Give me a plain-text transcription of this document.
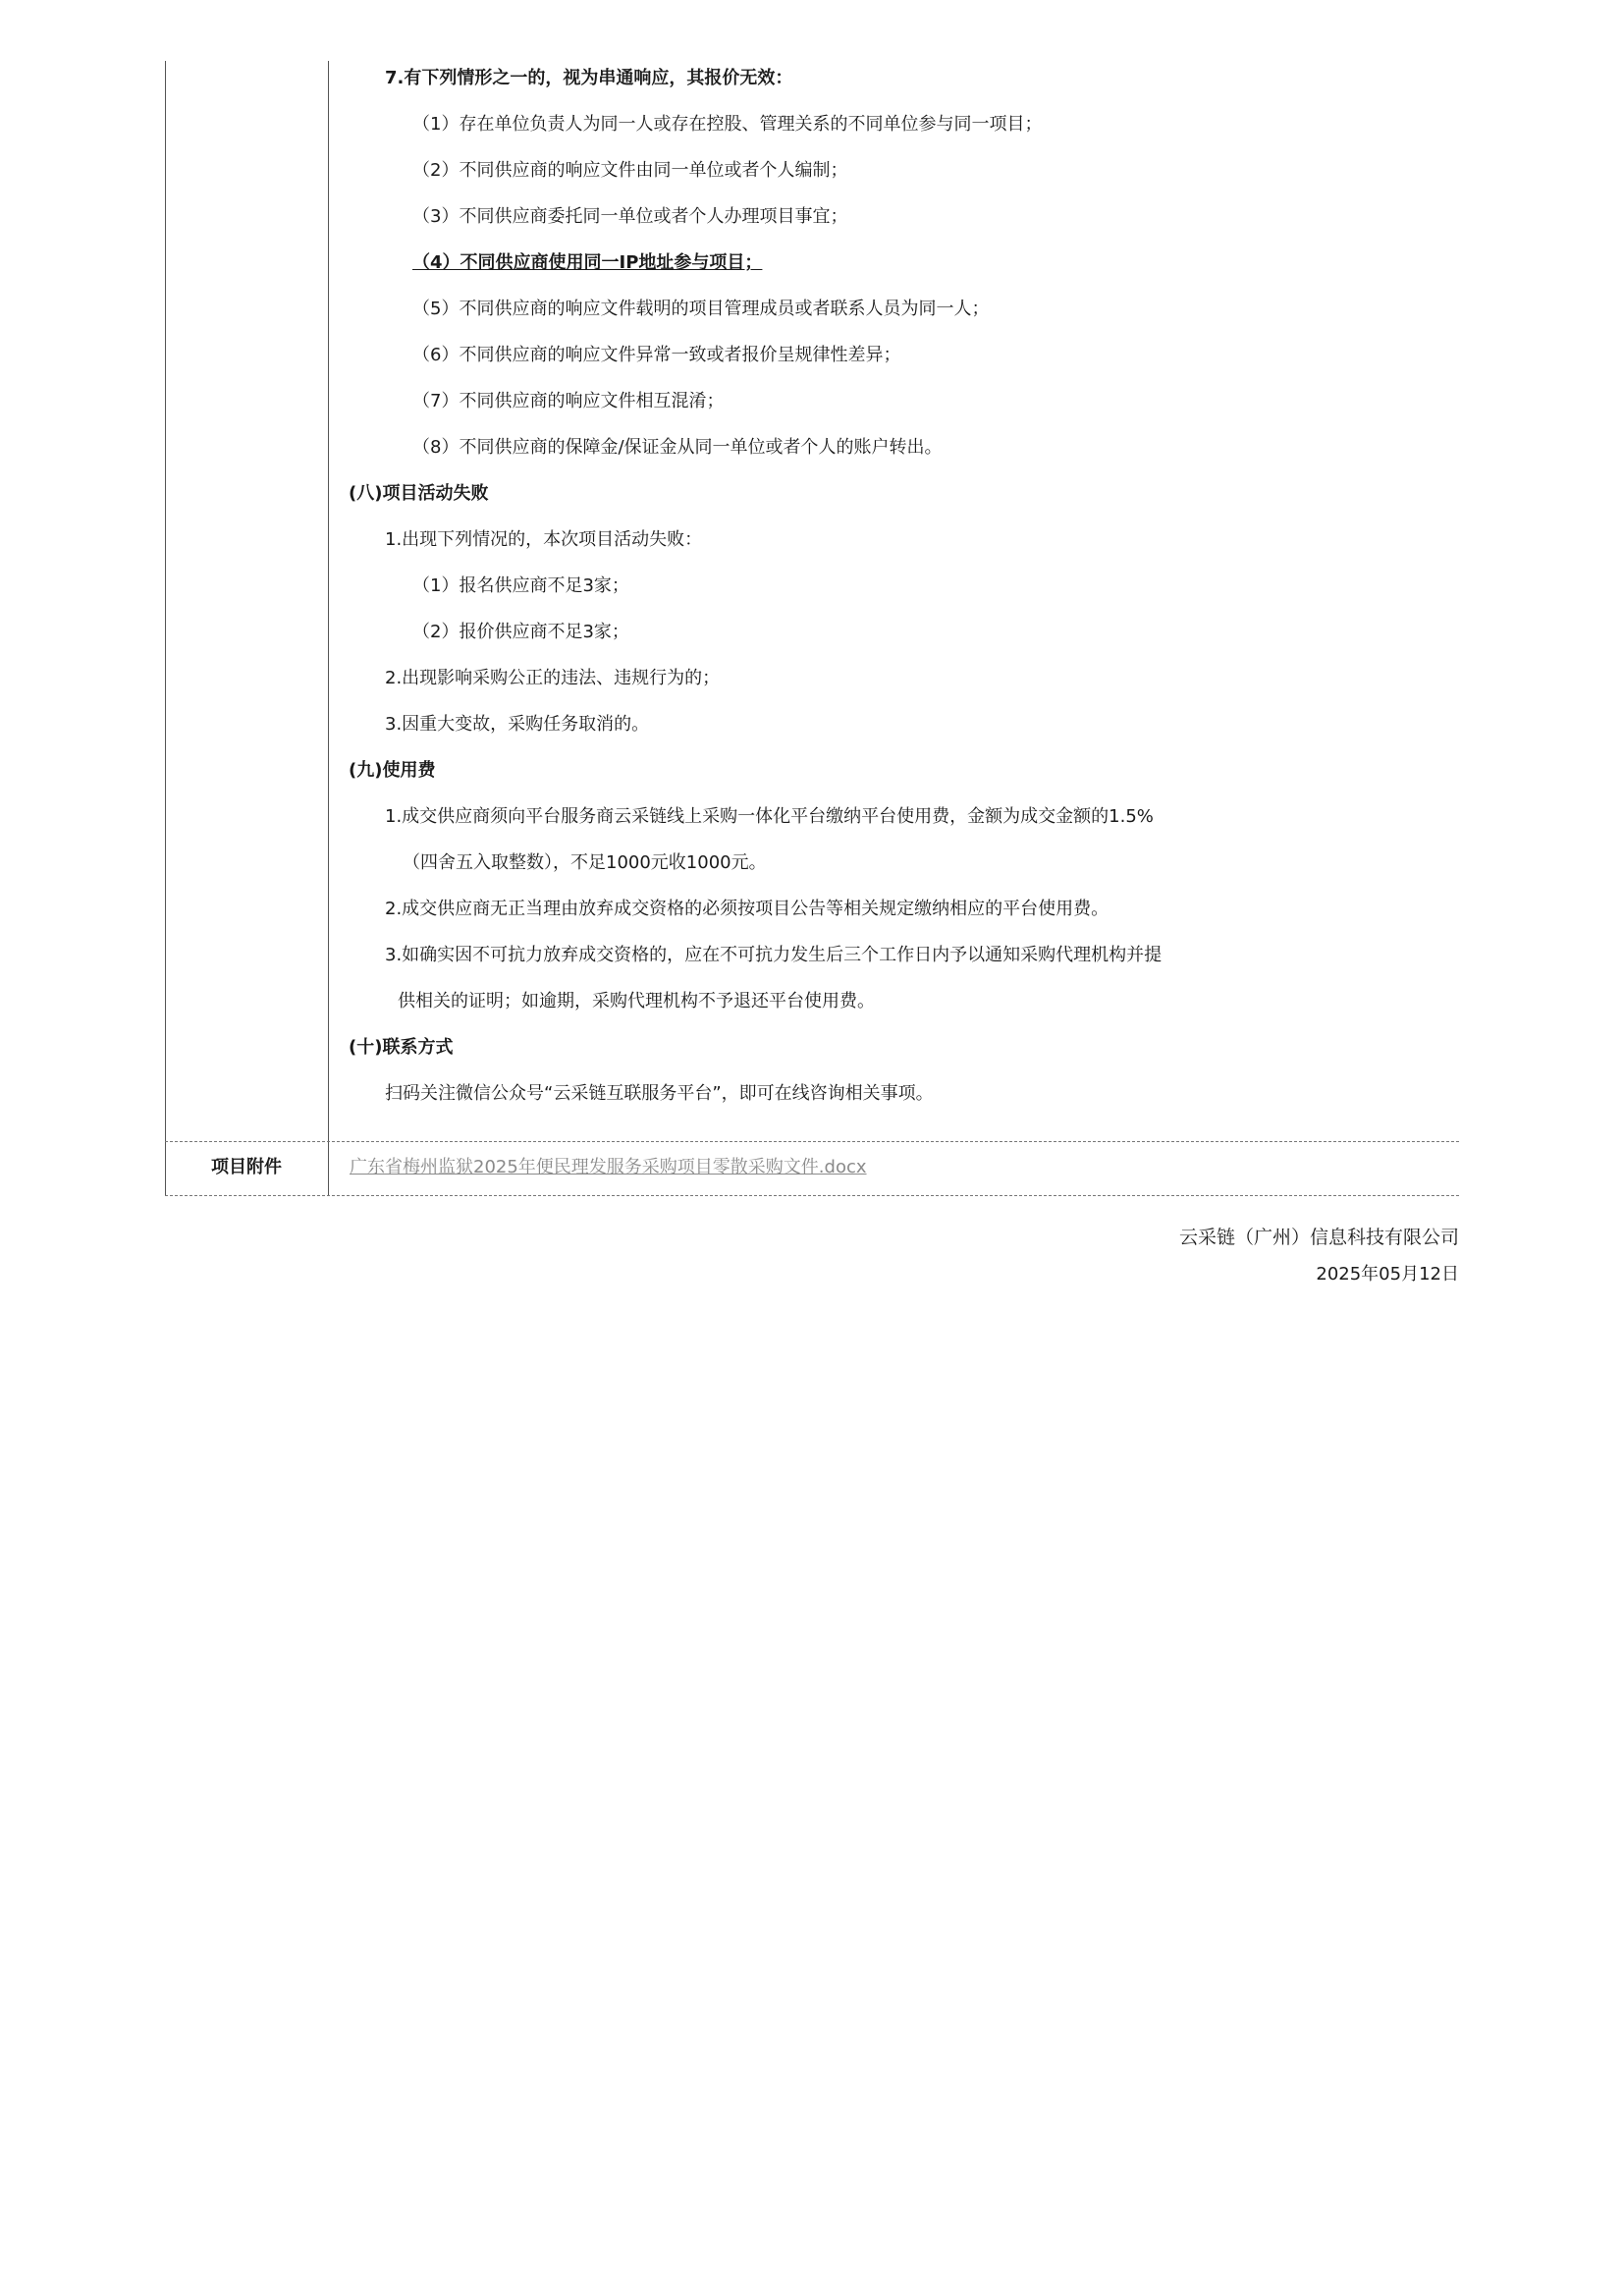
7.有下列情形之一的，视为串通响应，其报价无效：
（1）存在单位负责人为同一人或存在控股、管理关系的不同单位参与同一项目；
（2）不同供应商的响应文件由同一单位或者个人编制；
（3）不同供应商委托同一单位或者个人办理项目事宜；
（4）不同供应商使用同一IP地址参与项目；
（5）不同供应商的响应文件载明的项目管理成员或者联系人员为同一人；
（6）不同供应商的响应文件异常一致或者报价呈规律性差异；
（7）不同供应商的响应文件相互混淆；
（8）不同供应商的保障金/保证金从同一单位或者个人的账户转出。
(八)项目活动失败
1.出现下列情况的，本次项目活动失败：
（1）报名供应商不足3家；
（2）报价供应商不足3家；
2.出现影响采购公正的违法、违规行为的；
3.因重大变故，采购任务取消的。
(九)使用费
1.成交供应商须向平台服务商云采链线上采购一体化平台缴纳平台使用费，金额为成交金额的1.5%
（四舍五入取整数），不足1000元收1000元。
2.成交供应商无正当理由放弃成交资格的必须按项目公告等相关规定缴纳相应的平台使用费。
3.如确实因不可抗力放弃成交资格的，应在不可抗力发生后三个工作日内予以通知采购代理机构并提
供相关的证明；如逾期，采购代理机构不予退还平台使用费。
(十)联系方式
扫码关注微信公众号“云采链互联服务平台”，即可在线咨询相关事项。
项目附件	广东省梅州监狱2025年便民理发服务采购项目零散采购文件.docx
云采链（广州）信息科技有限公司
2025年05月12日
